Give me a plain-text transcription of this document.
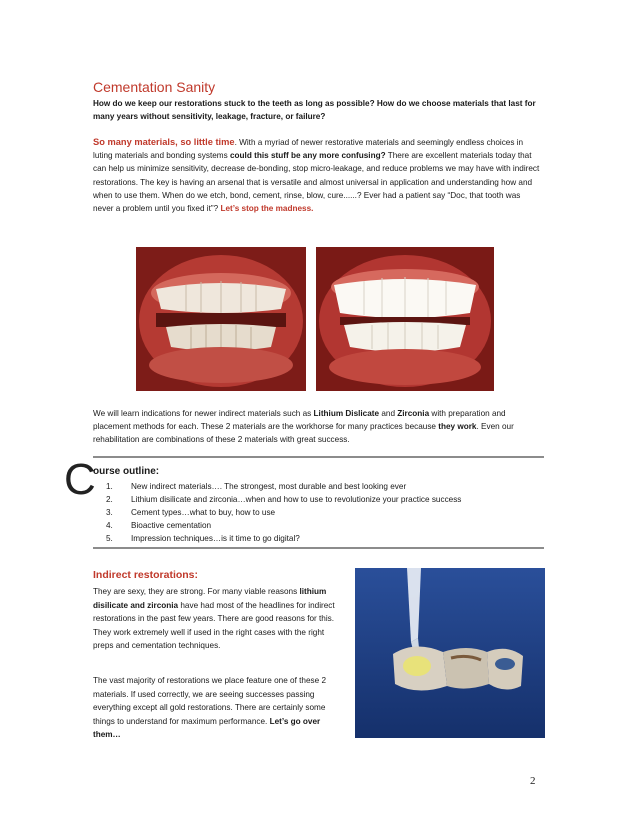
Cementation Sanity

How do we keep our restorations stuck to the teeth as long as possible? How do we choose materials that last for many years without sensitivity, leakage, fracture, or failure?

So many materials, so little time. With a myriad of newer restorative materials and seemingly endless choices in luting materials and bonding systems could this stuff be any more confusing? There are excellent materials today that can help us minimize sensitivity, decrease de-bonding, stop micro-leakage, and reduce problems we may have with indirect restorations. The key is having an arsenal that is versatile and almost universal in application and understanding how and when to use them. When do we etch, bond, cement, rinse, blow, cure......? Ever had a patient say “Doc, that tooth was never a problem until you fixed it”? Let’s stop the madness.

We will learn indications for newer indirect materials such as Lithium Dislicate and Zirconia with preparation and placement methods for each. These 2 materials are the workhorse for many practices because they work. Even our rehabilitation are combinations of these 2 materials with great success.

C
ourse outline:
1. New indirect materials…. The strongest, most durable and best looking ever
2. Lithium disilicate and zirconia…when and how to use to revolutionize your practice success
3. Cement types…what to buy, how to use
4. Bioactive cementation
5. Impression techniques…is it time to go digital?
Indirect restorations:

They are sexy, they are strong. For many viable reasons lithium disilicate and zirconia have had most of the headlines for indirect restorations in the past few years. There are good reasons for this. They work extremely well if used in the right cases with the right preps and cementation techniques.

The vast majority of restorations we place feature one of these 2 materials. If used correctly, we are seeing successes passing everything except all gold restorations. There are certainly some things to understand for maximum performance. Let’s go over them…

2
